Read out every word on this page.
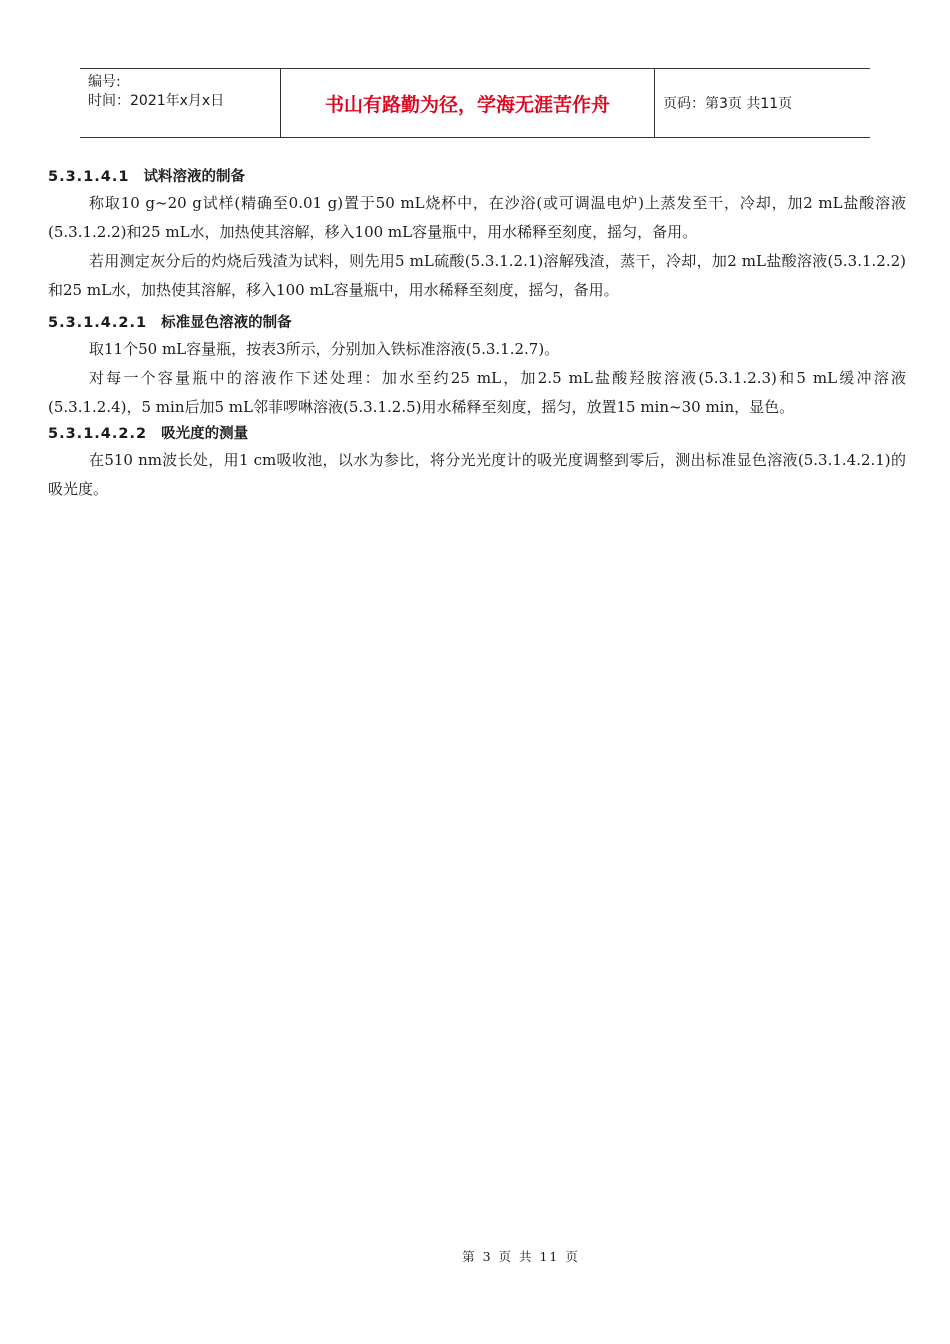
编号:
时间：2021年x月x日	书山有路勤为径，学海无涯苦作舟	页码：第3页 共11页
5.3.1.4.1 试料溶液的制备

称取10 g~20 g试样(精确至0.01 g)置于50 mL烧杯中，在沙浴(或可调温电炉)上蒸发至干，冷却，加2 mL盐酸溶液(5.3.1.2.2)和25 mL水，加热使其溶解，移入100 mL容量瓶中，用水稀释至刻度，摇匀，备用。

若用测定灰分后的灼烧后残渣为试料，则先用5 mL硫酸(5.3.1.2.1)溶解残渣，蒸干，冷却，加2 mL盐酸溶液(5.3.1.2.2)和25 mL水，加热使其溶解，移入100 mL容量瓶中，用水稀释至刻度，摇匀，备用。

5.3.1.4.2.1 标准显色溶液的制备

取11个50 mL容量瓶，按表3所示，分别加入铁标准溶液(5.3.1.2.7)。

对每一个容量瓶中的溶液作下述处理：加水至约25 mL，加2.5 mL盐酸羟胺溶液(5.3.1.2.3)和5 mL缓冲溶液(5.3.1.2.4)，5 min后加5 mL邻菲啰啉溶液(5.3.1.2.5)用水稀释至刻度，摇匀，放置15 min~30 min，显色。

5.3.1.4.2.2 吸光度的测量

在510 nm波长处，用1 cm吸收池，以水为参比，将分光光度计的吸光度调整到零后，测出标准显色溶液(5.3.1.4.2.1)的吸光度。

第 3 页 共 11 页
